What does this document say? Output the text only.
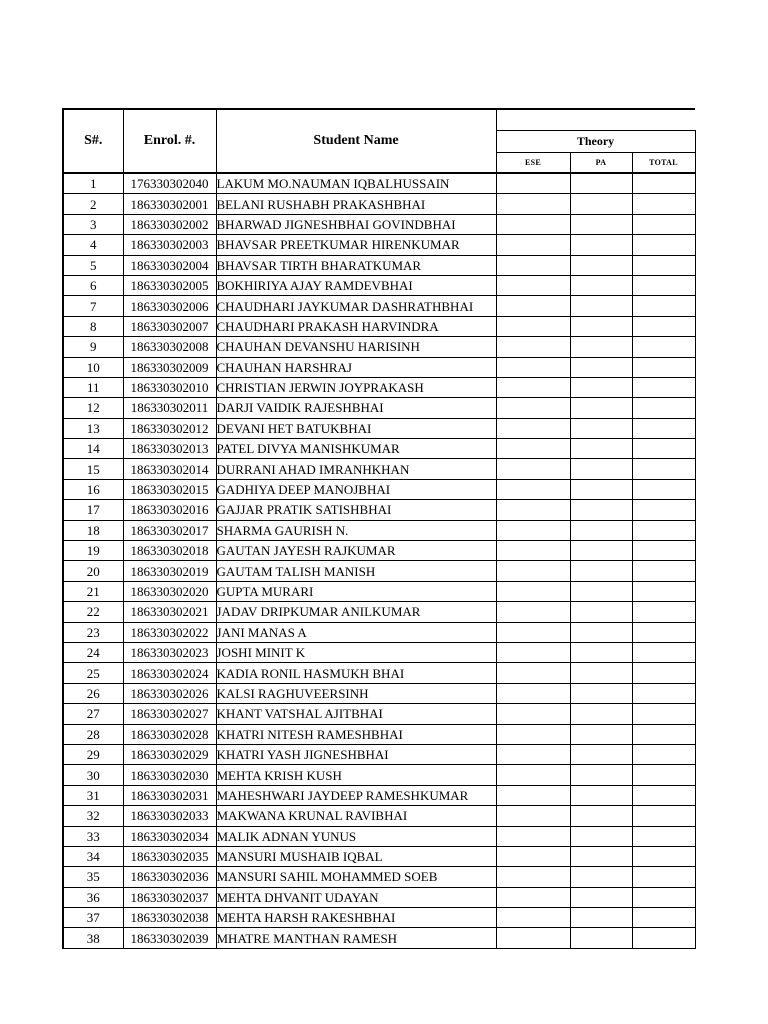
S#.	Enrol. #.	Student Name			
			Theory		
			ESE	PA	TOTAL
1	176330302040	LAKUM MO.NAUMAN IQBALHUSSAIN			
2	186330302001	BELANI RUSHABH PRAKASHBHAI			
3	186330302002	BHARWAD JIGNESHBHAI GOVINDBHAI			
4	186330302003	BHAVSAR PREETKUMAR HIRENKUMAR			
5	186330302004	BHAVSAR TIRTH BHARATKUMAR			
6	186330302005	BOKHIRIYA AJAY RAMDEVBHAI			
7	186330302006	CHAUDHARI JAYKUMAR DASHRATHBHAI			
8	186330302007	CHAUDHARI PRAKASH HARVINDRA			
9	186330302008	CHAUHAN DEVANSHU HARISINH			
10	186330302009	CHAUHAN HARSHRAJ			
11	186330302010	CHRISTIAN JERWIN JOYPRAKASH			
12	186330302011	DARJI VAIDIK RAJESHBHAI			
13	186330302012	DEVANI HET BATUKBHAI			
14	186330302013	PATEL DIVYA MANISHKUMAR			
15	186330302014	DURRANI AHAD IMRANHKHAN			
16	186330302015	GADHIYA DEEP MANOJBHAI			
17	186330302016	GAJJAR PRATIK SATISHBHAI			
18	186330302017	SHARMA GAURISH N.			
19	186330302018	GAUTAN JAYESH RAJKUMAR			
20	186330302019	GAUTAM TALISH MANISH			
21	186330302020	GUPTA MURARI			
22	186330302021	JADAV DRIPKUMAR ANILKUMAR			
23	186330302022	JANI MANAS A			
24	186330302023	JOSHI MINIT K			
25	186330302024	KADIA RONIL HASMUKH BHAI			
26	186330302026	KALSI RAGHUVEERSINH			
27	186330302027	KHANT VATSHAL AJITBHAI			
28	186330302028	KHATRI NITESH RAMESHBHAI			
29	186330302029	KHATRI YASH JIGNESHBHAI			
30	186330302030	MEHTA KRISH KUSH			
31	186330302031	MAHESHWARI JAYDEEP RAMESHKUMAR			
32	186330302033	MAKWANA KRUNAL RAVIBHAI			
33	186330302034	MALIK ADNAN YUNUS			
34	186330302035	MANSURI MUSHAIB IQBAL			
35	186330302036	MANSURI SAHIL MOHAMMED SOEB			
36	186330302037	MEHTA DHVANIT UDAYAN			
37	186330302038	MEHTA HARSH RAKESHBHAI			
38	186330302039	MHATRE MANTHAN RAMESH			
